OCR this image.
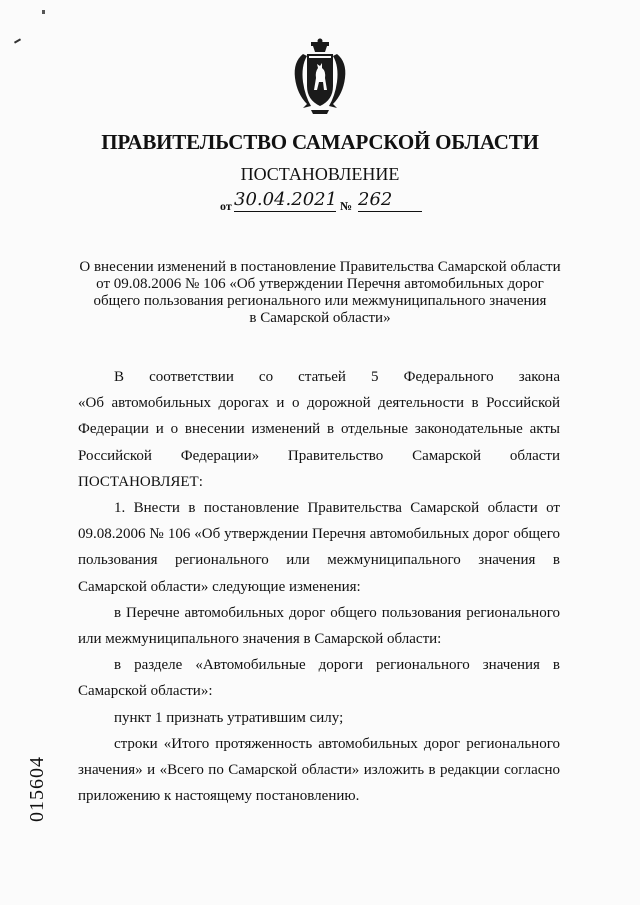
ПРАВИТЕЛЬСТВО САМАРСКОЙ ОБЛАСТИ
ПОСТАНОВЛЕНИЕ
от 30.04.2021 № 262
О внесении изменений в постановление Правительства Самарской области
от 09.08.2006 № 106 «Об утверждении Перечня автомобильных дорог
общего пользования регионального или межмуниципального значения
в Самарской области»

В соответствии со статьей 5 Федерального закона

«Об автомобильных дорогах и о дорожной деятельности в Российской

Федерации и о внесении изменений в отдельные законодательные акты

Российской Федерации» Правительство Самарской области

ПОСТАНОВЛЯЕТ:

1. Внести в постановление Правительства Самарской области от 09.08.2006 № 106 «Об утверждении Перечня автомобильных дорог общего пользования регионального или межмуниципального значения в Самарской области» следующие изменения:

в Перечне автомобильных дорог общего пользования регионального или межмуниципального значения в Самарской области:

в разделе «Автомобильные дороги регионального значения в Самарской области»:

пункт 1 признать утратившим силу;

строки «Итого протяженность автомобильных дорог регионального значения» и «Всего по Самарской области» изложить в редакции согласно приложению к настоящему постановлению.

015604
